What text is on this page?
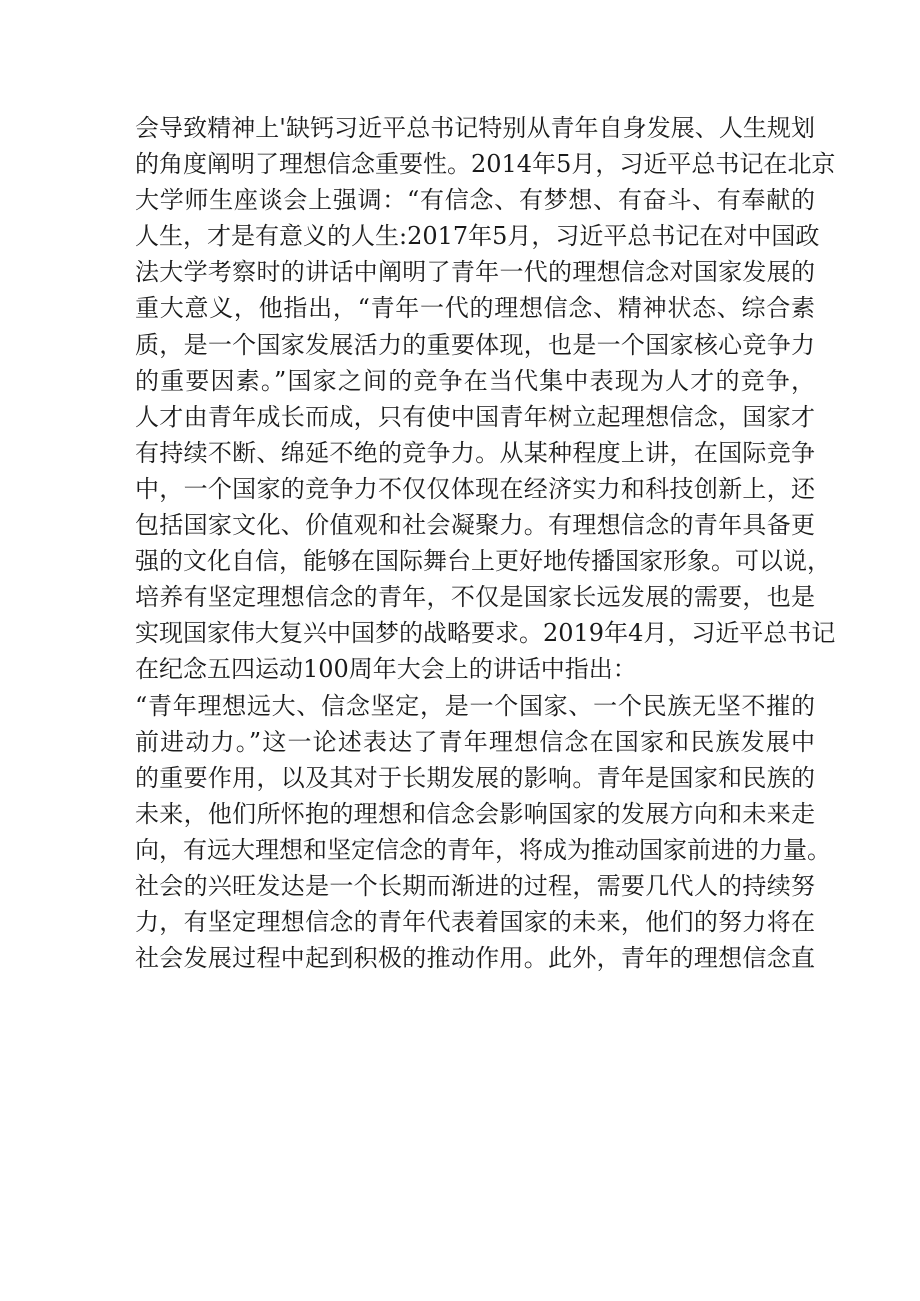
会导致精神上'缺钙习近平总书记特别从青年自身发展、人生规划
的角度阐明了理想信念重要性。2014年5月，习近平总书记在北京
大学师生座谈会上强调：“有信念、有梦想、有奋斗、有奉献的
人生，才是有意义的人生:2017年5月，习近平总书记在对中国政
法大学考察时的讲话中阐明了青年一代的理想信念对国家发展的
重大意义，他指出，“青年一代的理想信念、精神状态、综合素
质，是一个国家发展活力的重要体现，也是一个国家核心竞争力
的重要因素。”国家之间的竞争在当代集中表现为人才的竞争，
人才由青年成长而成，只有使中国青年树立起理想信念，国家才
有持续不断、绵延不绝的竞争力。从某种程度上讲，在国际竞争
中，一个国家的竞争力不仅仅体现在经济实力和科技创新上，还
包括国家文化、价值观和社会凝聚力。有理想信念的青年具备更
强的文化自信，能够在国际舞台上更好地传播国家形象。可以说，
培养有坚定理想信念的青年，不仅是国家长远发展的需要，也是
实现国家伟大复兴中国梦的战略要求。2019年4月，习近平总书记
在纪念五四运动100周年大会上的讲话中指出：
“青年理想远大、信念坚定，是一个国家、一个民族无坚不摧的
前进动力。”这一论述表达了青年理想信念在国家和民族发展中
的重要作用，以及其对于长期发展的影响。青年是国家和民族的
未来，他们所怀抱的理想和信念会影响国家的发展方向和未来走
向，有远大理想和坚定信念的青年，将成为推动国家前进的力量。
社会的兴旺发达是一个长期而渐进的过程，需要几代人的持续努
力，有坚定理想信念的青年代表着国家的未来，他们的努力将在
社会发展过程中起到积极的推动作用。此外，青年的理想信念直
